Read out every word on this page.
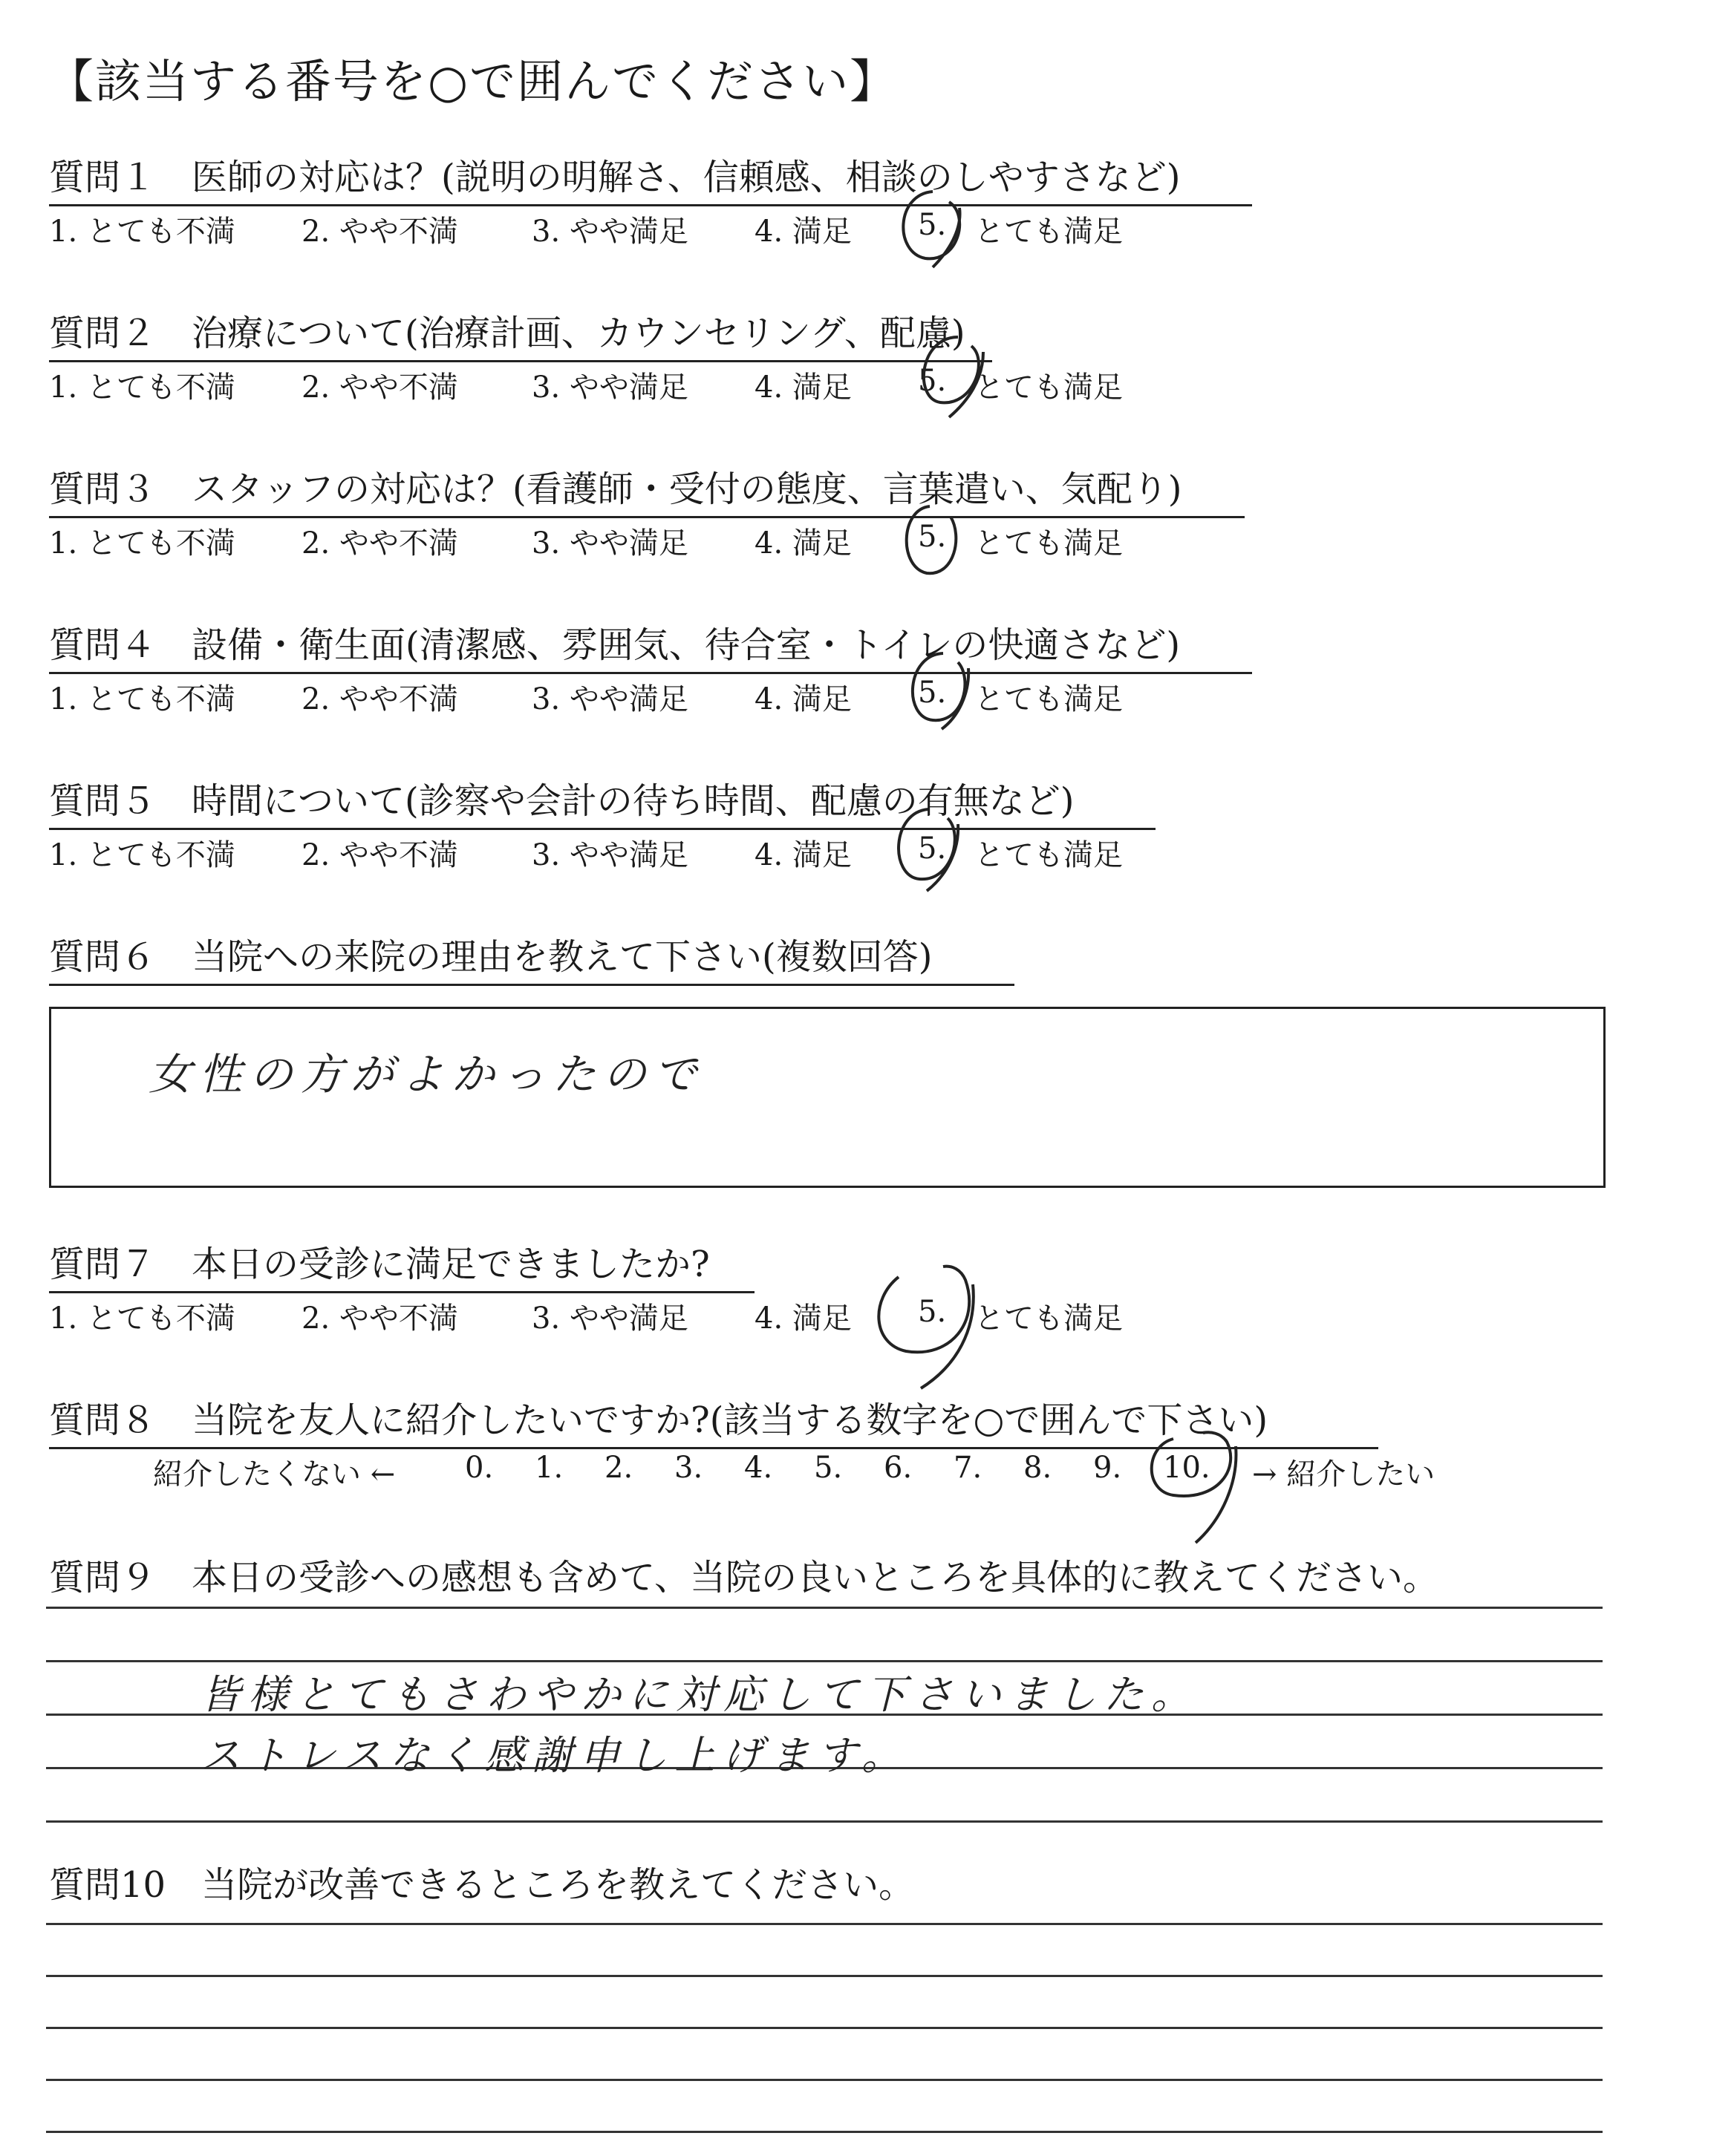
【該当する番号を○で囲んでください】
質問１　医師の対応は？(説明の明解さ、信頼感、相談のしやすさなど)
1. とても不満 2. やや不満 3. やや満足 4. 満足 5. とても満足
質問２　治療について(治療計画、カウンセリング、配慮)
1. とても不満 2. やや不満 3. やや満足 4. 満足 5. とても満足
質問３　スタッフの対応は？(看護師・受付の態度、言葉遣い、気配り)
1. とても不満 2. やや不満 3. やや満足 4. 満足 5. とても満足
質問４　設備・衛生面(清潔感、雰囲気、待合室・トイレの快適さなど)
1. とても不満 2. やや不満 3. やや満足 4. 満足 5. とても満足
質問５　時間について(診察や会計の待ち時間、配慮の有無など)
1. とても不満 2. やや不満 3. やや満足 4. 満足 5. とても満足
質問６　当院への来院の理由を教えて下さい(複数回答)
女性の方がよかったので
質問７　本日の受診に満足できましたか?
1. とても不満 2. やや不満 3. やや満足 4. 満足 5. とても満足
質問８　当院を友人に紹介したいですか?(該当する数字を○で囲んで下さい)
紹介したくない ← 0. 1. 2. 3. 4. 5. 6. 7. 8. 9. 10. → 紹介したい
質問９　本日の受診への感想も含めて、当院の良いところを具体的に教えてください。
皆様とてもさわやかに対応して下さいました。
ストレスなく感謝申し上げます。
質問10　当院が改善できるところを教えてください。
